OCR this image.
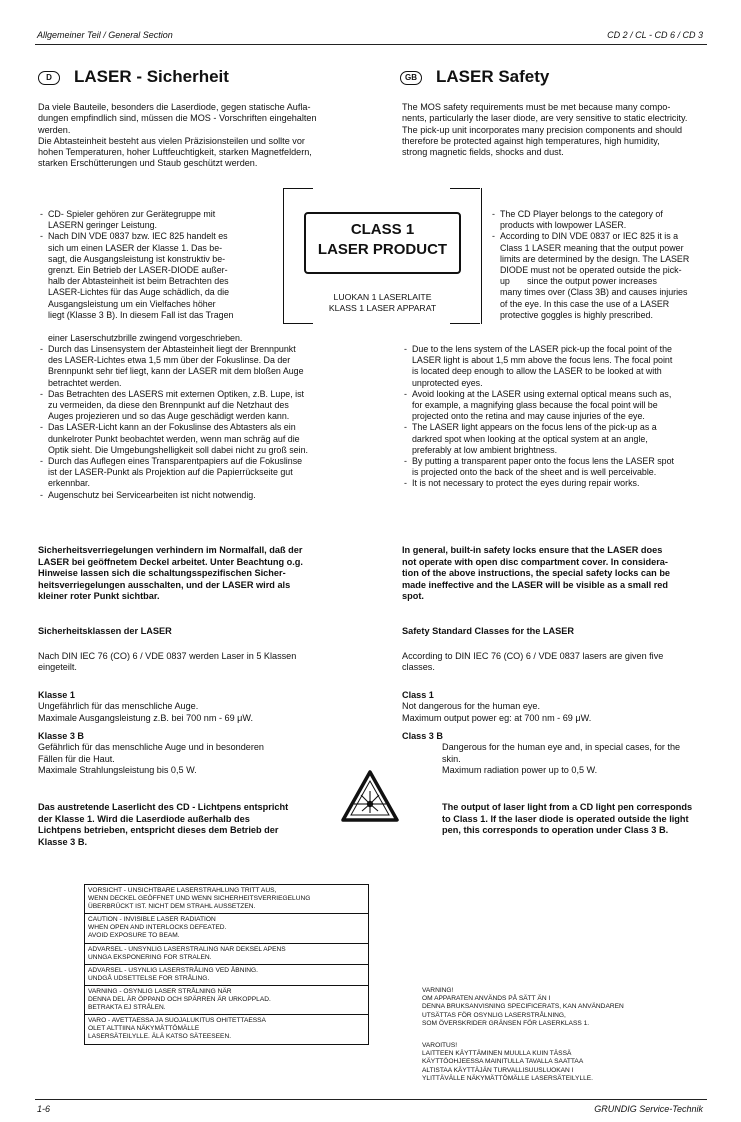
Allgemeiner Teil / General Section	CD 2 / CL - CD 6 / CD 3
D LASER - Sicherheit	GB LASER Safety

Da viele Bauteile, besonders die Laserdiode, gegen statische Aufla-

dungen empfindlich sind, müssen die MOS - Vorschriften eingehalten

werden.

Die Abtasteinheit besteht aus vielen Präzisionsteilen und sollte vor

hohen Temperaturen, hoher Luftfeuchtigkeit, starken Magnetfeldern,

starken Erschütterungen und Staub geschützt werden.

The MOS safety requirements must be met because many compo-

nents, particularly the laser diode, are very sensitive to static electricity.

The pick-up unit incorporates many precision components and should

therefore be protected against high temperatures, high humidity,

strong magnetic fields, shocks and dust.

CLASS 1
LASER PRODUCT
LUOKAN 1 LASERLAITE
KLASS 1 LASER APPARAT
- CD- Spieler gehören zur Gerätegruppe mit
LASERN geringer Leistung.
- Nach DIN VDE 0837 bzw. IEC 825 handelt es
sich um einen LASER der Klasse 1. Das be-
sagt, die Ausgangsleistung ist konstruktiv be-
grenzt. Ein Betrieb der LASER-DIODE außer-
halb der Abtasteinheit ist beim Betrachten des
LASER-Lichtes für das Auge schädlich, da die
Ausgangsleistung um ein Vielfaches höher
liegt (Klasse 3 B). In diesem Fall ist das Tragen
einer Laserschutzbrille zwingend vorgeschrieben.
- Durch das Linsensystem der Abtasteinheit liegt der Brennpunkt
des LASER-Lichtes etwa 1,5 mm über der Fokuslinse. Da der
Brennpunkt sehr tief liegt, kann der LASER mit dem bloßen Auge
betrachtet werden.
- Das Betrachten des LASERS mit externen Optiken, z.B. Lupe, ist
zu vermeiden, da diese den Brennpunkt auf die Netzhaut des
Auges projezieren und so das Auge geschädigt werden kann.
- Das LASER-Licht kann an der Fokuslinse des Abtasters als ein
dunkelroter Punkt beobachtet werden, wenn man schräg auf die
Optik sieht. Die Umgebungshelligkeit soll dabei nicht zu groß sein.
- Durch das Auflegen eines Transparentpapiers auf die Fokuslinse
ist der LASER-Punkt als Projektion auf die Papierrückseite gut
erkennbar.
- Augenschutz bei Servicearbeiten ist nicht notwendig.
- The CD Player belongs to the category of
products with lowpower LASER.
- According to DIN VDE 0837 or IEC 825 it is a
Class 1 LASER meaning that the output power
limits are determined by the design. The LASER
DIODE must not be operated outside the pick-
up       since the output power increases
many times over (Class 3B) and causes injuries
of the eye. In this case the use of a LASER
protective goggles is highly prescribed.
- Due to the lens system of the LASER pick-up the focal point of the
LASER light is about 1,5 mm above the focus lens. The focal point
is located deep enough to allow the LASER to be looked at with
unprotected eyes.
- Avoid looking at the LASER using external optical means such as,
for example, a magnifying glass because the focal point will be
projected onto the retina and may cause injuries of the eye.
- The LASER light appears on the focus lens of the pick-up as a
darkred spot when looking at the optical system at an angle,
preferably at low ambient brightness.
- By putting a transparent paper onto the focus lens the LASER spot
is projected onto the back of the sheet and is well perceivable.
- It is not necessary to protect the eyes during repair works.

Sicherheitsverriegelungen verhindern im Normalfall, daß der

LASER bei geöffnetem Deckel arbeitet. Unter Beachtung o.g.

Hinweise lassen sich die schaltungsspezifischen Sicher-

heitsverriegelungen ausschalten, und der LASER wird als

kleiner roter Punkt sichtbar.

In general, built-in safety locks ensure that the LASER does

not operate with open disc compartment cover. In considera-

tion of the above instructions, the special safety locks can be

made ineffective and the LASER will be visible as a small red

spot.

Sicherheitsklassen der LASER	Safety Standard Classes for the LASER

Nach DIN IEC 76 (CO) 6 / VDE 0837 werden Laser in 5 Klassen

eingeteilt.

According to DIN IEC 76 (CO) 6 / VDE 0837 lasers are given five

classes.

Klasse 1

Ungefährlich für das menschliche Auge.

Maximale Ausgangsleistung z.B. bei 700 nm - 69 μW.

Class 1

Not dangerous for the human eye.

Maximum output power eg: at 700 nm - 69 μW.

Klasse 3 B

Gefährlich für das menschliche Auge und in besonderen

Fällen für die Haut.

Maximale Strahlungsleistung bis 0,5 W.

Class 3 B

Dangerous for the human eye and, in special cases, for the

skin.

Maximum radiation power up to 0,5 W.

Das austretende Laserlicht des CD - Lichtpens entspricht

der Klasse 1. Wird die Laserdiode außerhalb des

Lichtpens betrieben, entspricht dieses dem Betrieb der

Klasse 3 B.

The output of laser light from a CD light pen corresponds

to Class 1. If the laser diode is operated outside the light

pen, this corresponds to operation under Class 3 B.

VORSICHT - UNSICHTBARE LASERSTRAHLUNG TRITT AUS,
WENN DECKEL GEÖFFNET UND WENN SICHERHEITSVERRIEGELUNG
ÜBERBRÜCKT IST. NICHT DEM STRAHL AUSSETZEN.
CAUTION - INVISIBLE LASER RADIATION
WHEN OPEN AND INTERLOCKS DEFEATED.
AVOID EXPOSURE TO BEAM.
ADVARSEL - UNSYNLIG LASERSTRALING NAR DEKSEL APENS
UNNGA EKSPONERING FOR STRALEN.
ADVARSEL - USYNLIG LASERSTRÅLING VED ÅBNING.
UNDGÅ UDSETTELSE FOR STRÅLING.
VARNING - OSYNLIG LASER STRÅLNING NÄR
DENNA DEL ÄR ÖPPAND OCH SPÄRREN ÄR URKOPPLAD.
BETRAKTA EJ STRÅLEN.
VARO - AVETTAESSA JA SUOJALUKITUS OHITETTAESSA
OLET ALTTIINA NÄKYMÄTTÖMÄLLE
LASERSÄTEILYLLE. ÄLÄ KATSO SÄTEESEEN.
VARNING!
OM APPARATEN ANVÄNDS PÅ SÄTT ÄN I
DENNA BRUKSANVISNING SPECIFICERATS, KAN ANVÄNDAREN
UTSÄTTAS FÖR OSYNLIG LASERSTRÅLNING,
SOM ÖVERSKRIDER GRÄNSEN FÖR LASERKLASS 1.
VAROITUS!
LAITTEEN KÄYTTÄMINEN MUULLA KUIN TÄSSÄ
KÄYTTÖOHJEESSA MAINITULLA TAVALLA SAATTAA
ALTISTAA KÄYTTÄJÄN TURVALLISUUSLUOKAN I
YLITTÄVÄLLE NÄKYMÄTTÖMÄLLE LASERSÄTEILYLLE.
1-6	GRUNDIG Service-Technik
